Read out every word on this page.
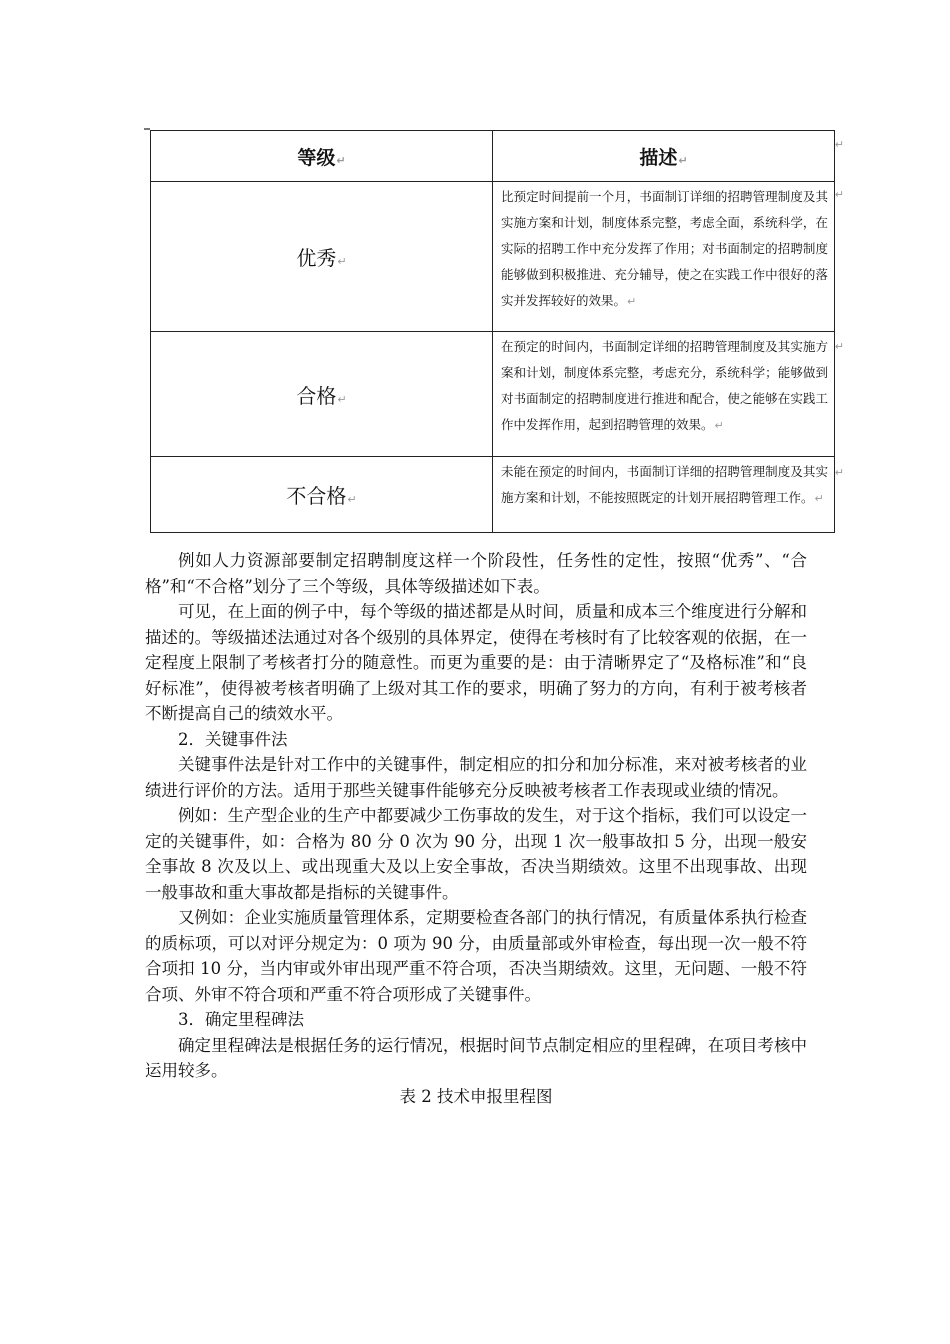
等级↵	描述↵
优秀↵	比预定时间提前一个月，书面制订详细的招聘管理制度及其实施方案和计划，制度体系完整，考虑全面，系统科学，在实际的招聘工作中充分发挥了作用；对书面制定的招聘制度能够做到积极推进、充分辅导，使之在实践工作中很好的落实并发挥较好的效果。↵
合格↵	在预定的时间内，书面制定详细的招聘管理制度及其实施方案和计划，制度体系完整，考虑充分，系统科学；能够做到对书面制定的招聘制度进行推进和配合，使之能够在实践工作中发挥作用，起到招聘管理的效果。↵
不合格↵	未能在预定的时间内，书面制订详细的招聘管理制度及其实施方案和计划，不能按照既定的计划开展招聘管理工作。↵
↵
↵
↵
↵

例如人力资源部要制定招聘制度这样一个阶段性，任务性的定性，按照“优秀”、“合格”和“不合格”划分了三个等级，具体等级描述如下表。

可见，在上面的例子中，每个等级的描述都是从时间，质量和成本三个维度进行分解和描述的。等级描述法通过对各个级别的具体界定，使得在考核时有了比较客观的依据，在一定程度上限制了考核者打分的随意性。而更为重要的是：由于清晰界定了“及格标准”和“良好标准”，使得被考核者明确了上级对其工作的要求，明确了努力的方向，有利于被考核者不断提高自己的绩效水平。

2．关键事件法

关键事件法是针对工作中的关键事件，制定相应的扣分和加分标准，来对被考核者的业绩进行评价的方法。适用于那些关键事件能够充分反映被考核者工作表现或业绩的情况。

例如：生产型企业的生产中都要减少工伤事故的发生，对于这个指标，我们可以设定一定的关键事件，如：合格为 80 分 0 次为 90 分，出现 1 次一般事故扣 5 分，出现一般安全事故 8 次及以上、或出现重大及以上安全事故，否决当期绩效。这里不出现事故、出现一般事故和重大事故都是指标的关键事件。

又例如：企业实施质量管理体系，定期要检查各部门的执行情况，有质量体系执行检查的质标项，可以对评分规定为：0 项为 90 分，由质量部或外审检查，每出现一次一般不符合项扣 10 分，当内审或外审出现严重不符合项，否决当期绩效。这里，无问题、一般不符合项、外审不符合项和严重不符合项形成了关键事件。

3．确定里程碑法

确定里程碑法是根据任务的运行情况，根据时间节点制定相应的里程碑，在项目考核中运用较多。

表 2 技术申报里程图
